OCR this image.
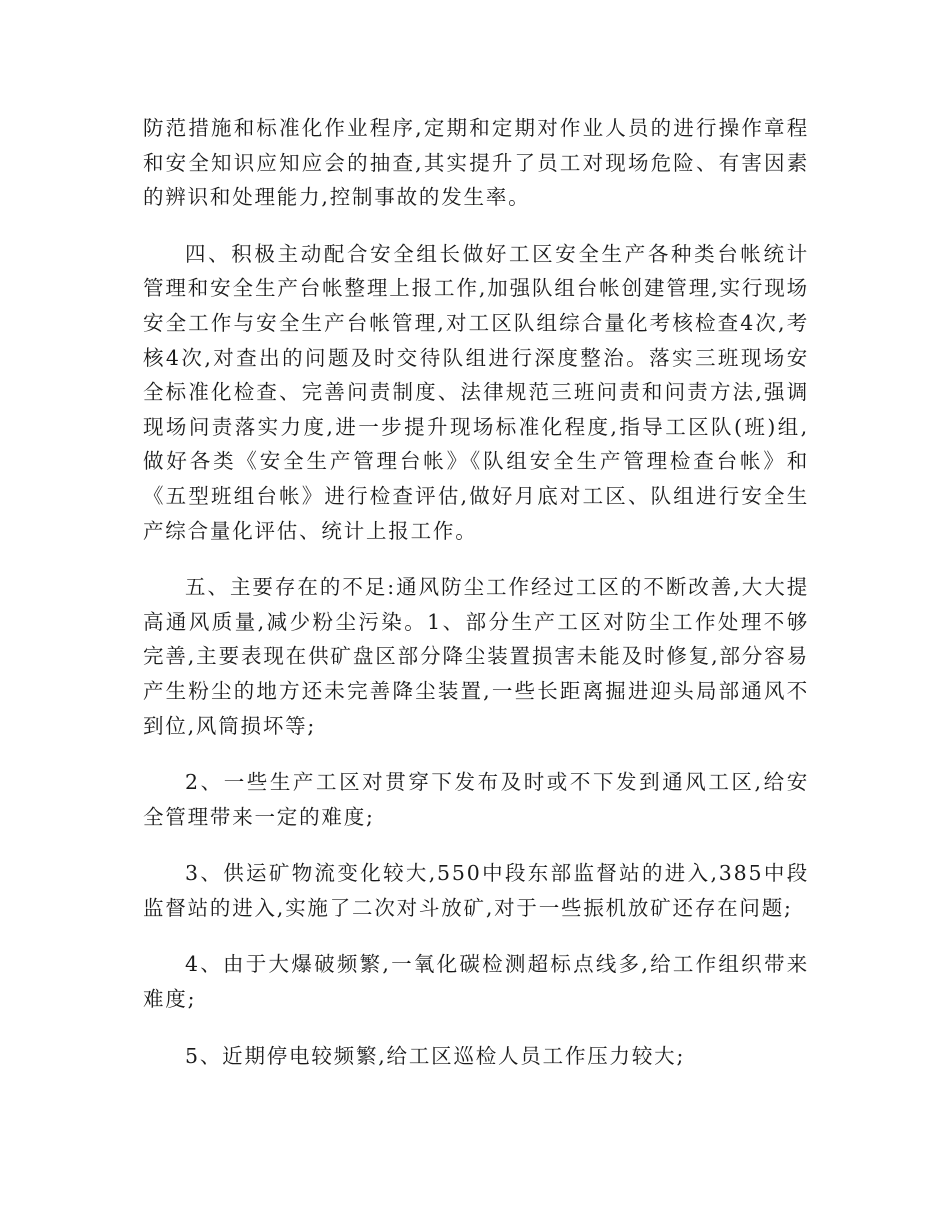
防范措施和标准化作业程序,定期和定期对作业人员的进行操作章程和安全知识应知应会的抽查,其实提升了员工对现场危险、有害因素的辨识和处理能力,控制事故的发生率。

四、积极主动配合安全组长做好工区安全生产各种类台帐统计管理和安全生产台帐整理上报工作,加强队组台帐创建管理,实行现场安全工作与安全生产台帐管理,对工区队组综合量化考核检查4次,考核4次,对查出的问题及时交待队组进行深度整治。落实三班现场安全标准化检查、完善问责制度、法律规范三班问责和问责方法,强调现场问责落实力度,进一步提升现场标准化程度,指导工区队(班)组,做好各类《安全生产管理台帐》《队组安全生产管理检查台帐》和《五型班组台帐》进行检查评估,做好月底对工区、队组进行安全生产综合量化评估、统计上报工作。

五、主要存在的不足:通风防尘工作经过工区的不断改善,大大提高通风质量,减少粉尘污染。1、部分生产工区对防尘工作处理不够完善,主要表现在供矿盘区部分降尘装置损害未能及时修复,部分容易产生粉尘的地方还未完善降尘装置,一些长距离掘进迎头局部通风不到位,风筒损坏等;

2、一些生产工区对贯穿下发布及时或不下发到通风工区,给安全管理带来一定的难度;

3、供运矿物流变化较大,550中段东部监督站的进入,385中段监督站的进入,实施了二次对斗放矿,对于一些振机放矿还存在问题;

4、由于大爆破频繁,一氧化碳检测超标点线多,给工作组织带来难度;

5、近期停电较频繁,给工区巡检人员工作压力较大;
